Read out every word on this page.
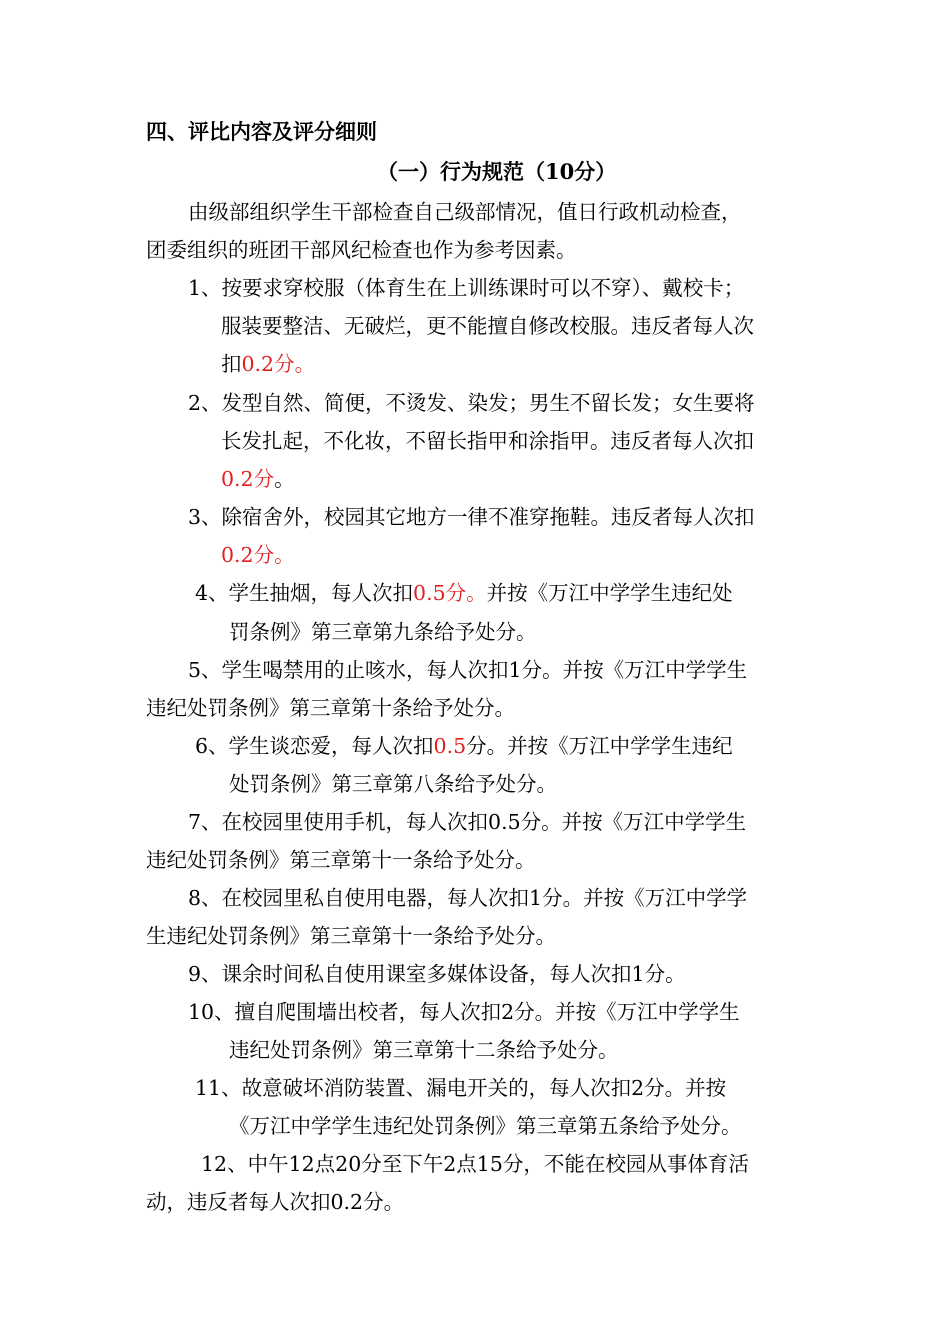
四、评比内容及评分细则
（一）行为规范（10分）
由级部组织学生干部检查自己级部情况，值日行政机动检查，
团委组织的班团干部风纪检查也作为参考因素。
1、按要求穿校服（体育生在上训练课时可以不穿）、戴校卡；
服装要整洁、无破烂，更不能擅自修改校服。违反者每人次
扣0.2分。
2、发型自然、简便，不烫发、染发；男生不留长发；女生要将
长发扎起，不化妆，不留长指甲和涂指甲。违反者每人次扣
0.2分。
3、除宿舍外，校园其它地方一律不准穿拖鞋。违反者每人次扣
0.2分。
4、学生抽烟，每人次扣0.5分。并按《万江中学学生违纪处
罚条例》第三章第九条给予处分。
5、学生喝禁用的止咳水，每人次扣1分。并按《万江中学学生
违纪处罚条例》第三章第十条给予处分。
6、学生谈恋爱，每人次扣0.5分。并按《万江中学学生违纪
处罚条例》第三章第八条给予处分。
7、在校园里使用手机，每人次扣0.5分。并按《万江中学学生
违纪处罚条例》第三章第十一条给予处分。
8、在校园里私自使用电器，每人次扣1分。并按《万江中学学
生违纪处罚条例》第三章第十一条给予处分。
9、课余时间私自使用课室多媒体设备，每人次扣1分。
10、擅自爬围墙出校者，每人次扣2分。并按《万江中学学生
违纪处罚条例》第三章第十二条给予处分。
11、故意破坏消防装置、漏电开关的，每人次扣2分。并按
《万江中学学生违纪处罚条例》第三章第五条给予处分。
12、中午12点20分至下午2点15分，不能在校园从事体育活
动，违反者每人次扣0.2分。
